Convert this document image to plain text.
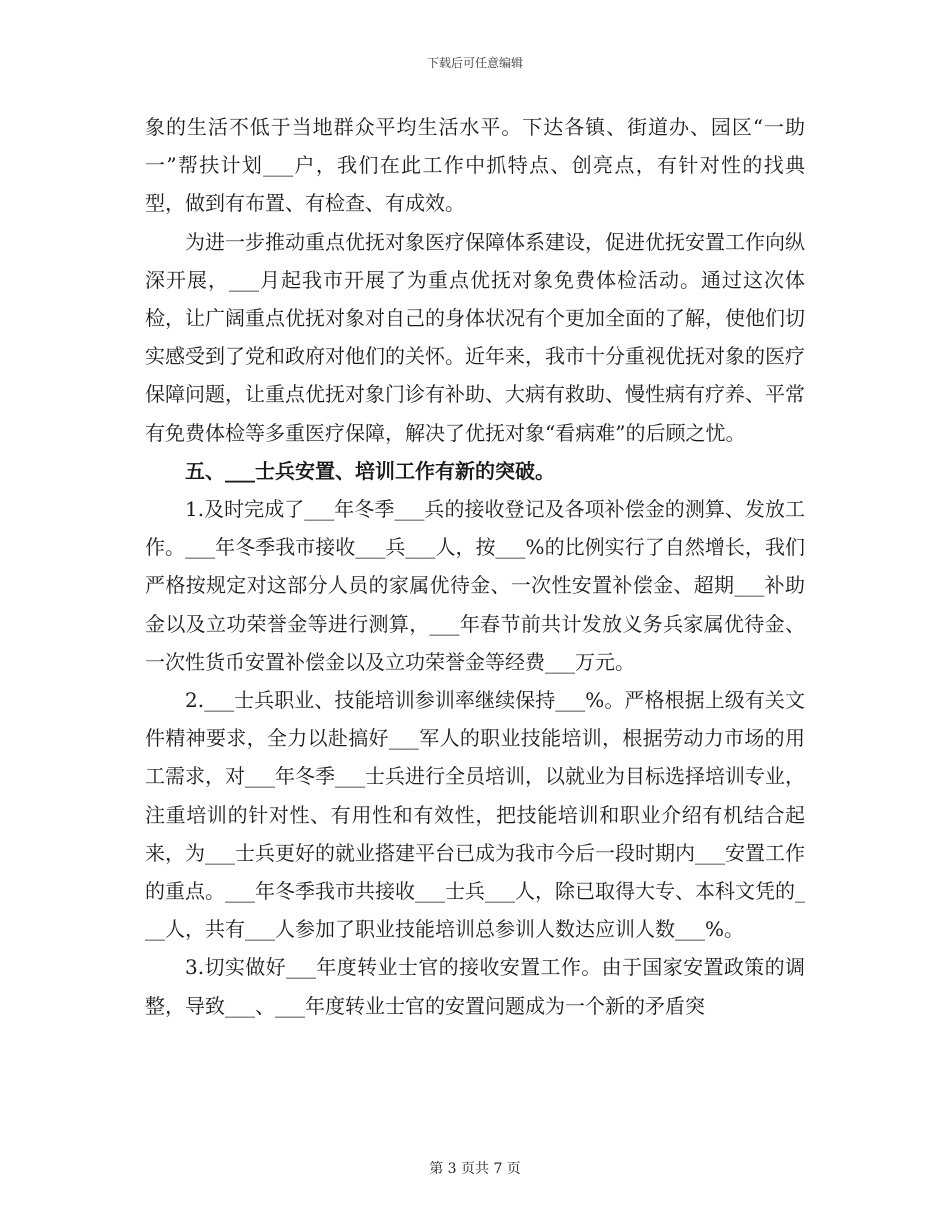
下载后可任意编辑

象的生活不低于当地群众平均生活水平。下达各镇、街道办、园区“一助一”帮扶计划___户，我们在此工作中抓特点、创亮点，有针对性的找典型，做到有布置、有检查、有成效。

为进一步推动重点优抚对象医疗保障体系建设，促进优抚安置工作向纵深开展，___月起我市开展了为重点优抚对象免费体检活动。通过这次体检，让广阔重点优抚对象对自己的身体状况有个更加全面的了解，使他们切实感受到了党和政府对他们的关怀。近年来，我市十分重视优抚对象的医疗保障问题，让重点优抚对象门诊有补助、大病有救助、慢性病有疗养、平常有免费体检等多重医疗保障，解决了优抚对象“看病难”的后顾之忧。

五、___士兵安置、培训工作有新的突破。

1.及时完成了___年冬季___兵的接收登记及各项补偿金的测算、发放工作。___年冬季我市接收___兵___人，按___%的比例实行了自然增长，我们严格按规定对这部分人员的家属优待金、一次性安置补偿金、超期___补助金以及立功荣誉金等进行测算，___年春节前共计发放义务兵家属优待金、一次性货币安置补偿金以及立功荣誉金等经费___万元。

2.___士兵职业、技能培训参训率继续保持___%。严格根据上级有关文件精神要求，全力以赴搞好___军人的职业技能培训，根据劳动力市场的用工需求，对___年冬季___士兵进行全员培训，以就业为目标选择培训专业，注重培训的针对性、有用性和有效性，把技能培训和职业介绍有机结合起来，为___士兵更好的就业搭建平台已成为我市今后一段时期内___安置工作的重点。___年冬季我市共接收___士兵___人，除已取得大专、本科文凭的___人，共有___人参加了职业技能培训总参训人数达应训人数___%。

3.切实做好___年度转业士官的接收安置工作。由于国家安置政策的调整，导致___、___年度转业士官的安置问题成为一个新的矛盾突

第 3 页共 7 页
